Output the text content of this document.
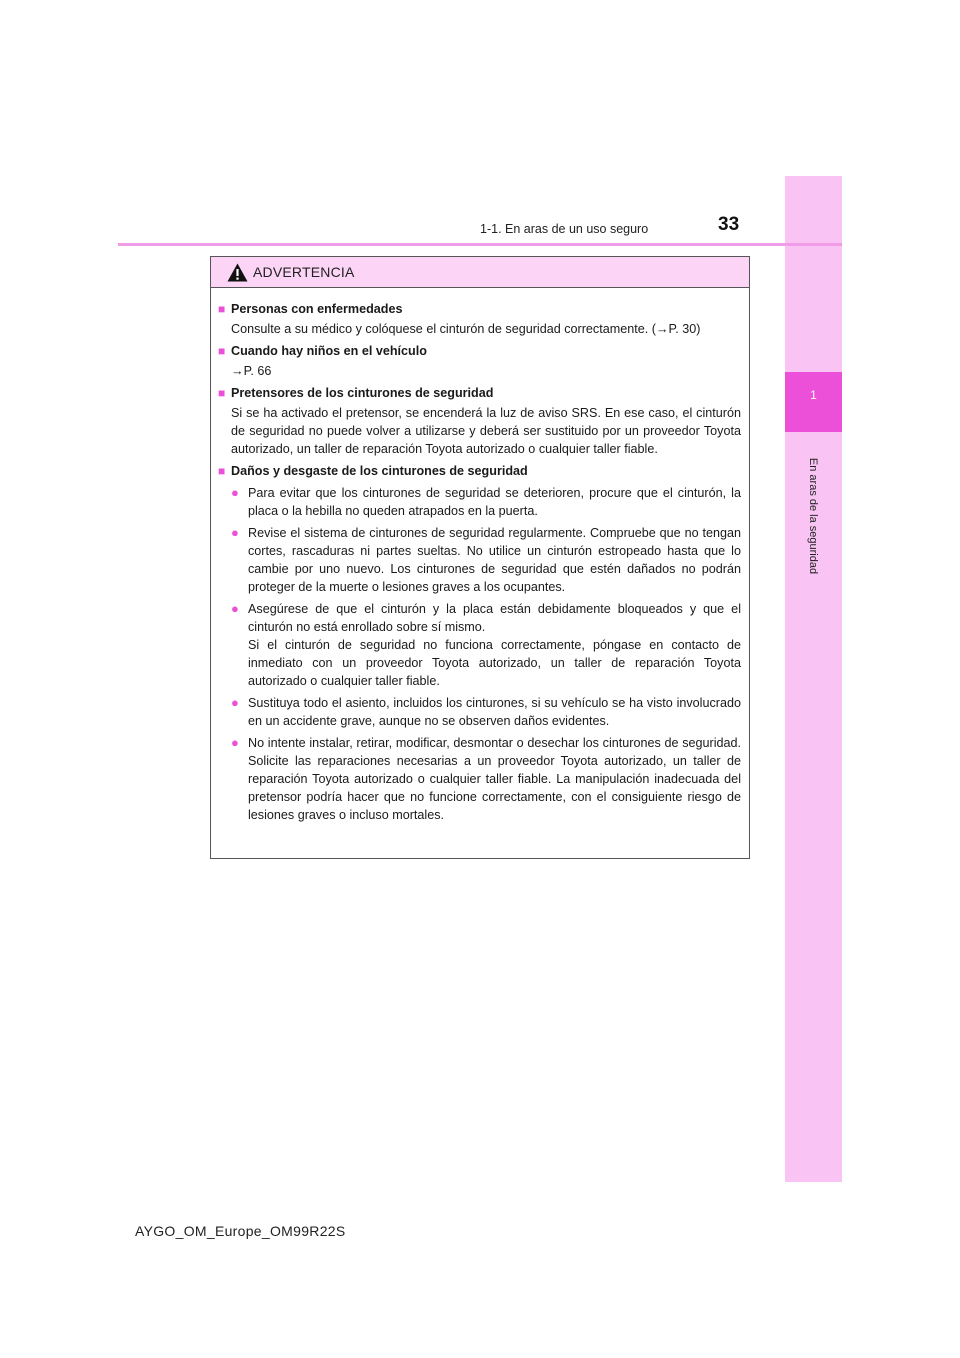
1
En aras de la seguridad
1-1. En aras de un uso seguro	33
ADVERTENCIA
■ Personas con enfermedades
Consulte a su médico y colóquese el cinturón de seguridad correctamente. (→P. 30)
■ Cuando hay niños en el vehículo
→P. 66
■ Pretensores de los cinturones de seguridad
Si se ha activado el pretensor, se encenderá la luz de aviso SRS. En ese caso, el cinturón de seguridad no puede volver a utilizarse y deberá ser sustituido por un proveedor Toyota autorizado, un taller de reparación Toyota autorizado o cualquier taller fiable.
■ Daños y desgaste de los cinturones de seguridad
● Para evitar que los cinturones de seguridad se deterioren, procure que el cinturón, la placa o la hebilla no queden atrapados en la puerta.
● Revise el sistema de cinturones de seguridad regularmente. Compruebe que no tengan cortes, rascaduras ni partes sueltas. No utilice un cinturón estropeado hasta que lo cambie por uno nuevo. Los cinturones de seguridad que estén dañados no podrán proteger de la muerte o lesiones graves a los ocupantes.
● Asegúrese de que el cinturón y la placa están debidamente bloqueados y que el cinturón no está enrollado sobre sí mismo.
Si el cinturón de seguridad no funciona correctamente, póngase en contacto de inmediato con un proveedor Toyota autorizado, un taller de reparación Toyota autorizado o cualquier taller fiable.
● Sustituya todo el asiento, incluidos los cinturones, si su vehículo se ha visto involucrado en un accidente grave, aunque no se observen daños evidentes.
● No intente instalar, retirar, modificar, desmontar o desechar los cinturones de seguridad. Solicite las reparaciones necesarias a un proveedor Toyota autorizado, un taller de reparación Toyota autorizado o cualquier taller fiable. La manipulación inadecuada del pretensor podría hacer que no funcione correctamente, con el consiguiente riesgo de lesiones graves o incluso mortales.
AYGO_OM_Europe_OM99R22S
